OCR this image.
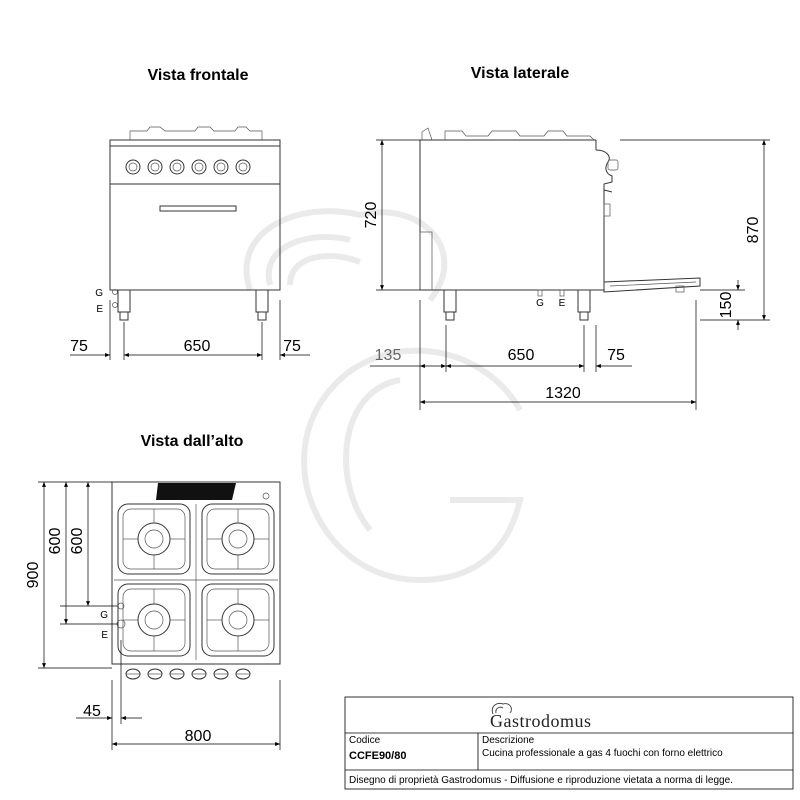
Vista frontale	Vista laterale
Vista dall’alto
G
E
75	650	75
G E
720
870
150
135	650	75
1320
G
E
900
600 600
45
800
Gastrodomus
Codice
CCFE90/80
Descrizione
Cucina professionale a gas 4 fuochi con forno elettrico
Disegno di proprietà Gastrodomus - Diffusione e riproduzione vietata a norma di legge.
